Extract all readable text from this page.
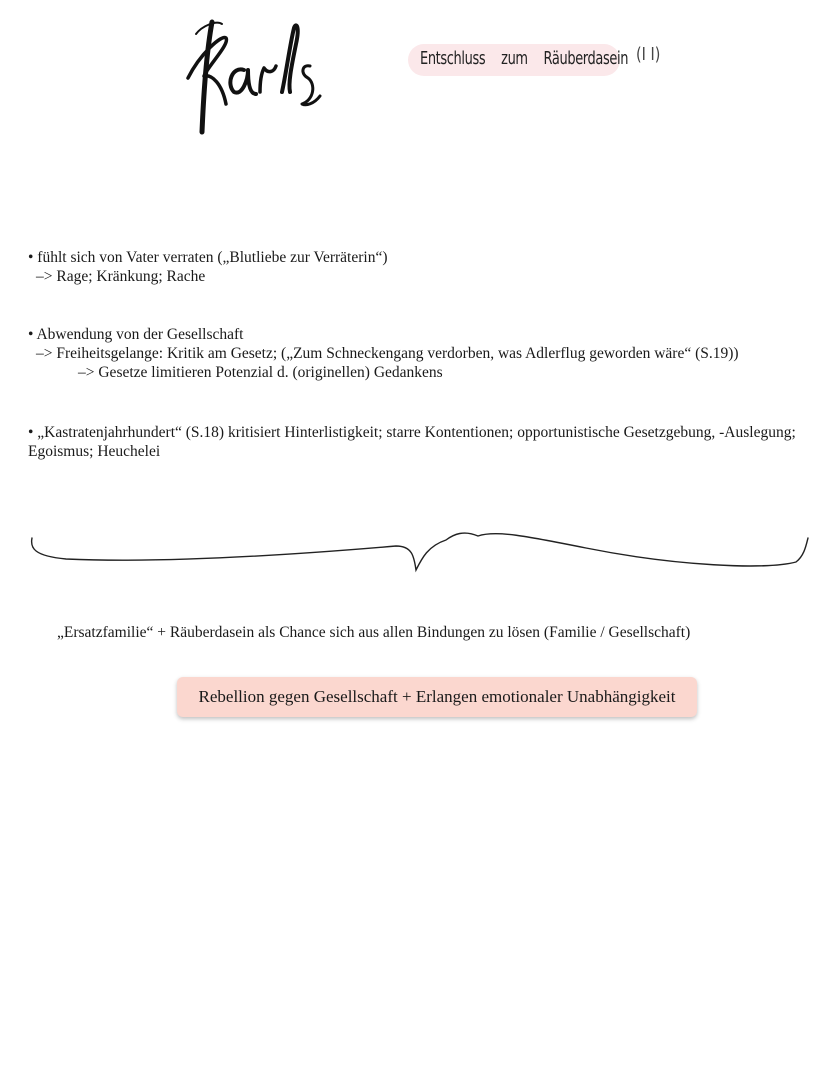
Entschluss zum Räuberdasein (I I)
• fühlt sich von Vater verraten („Blutliebe zur Verräterin“)
–> Rage; Kränkung; Rache
• Abwendung von der Gesellschaft
–> Freiheitsgelange: Kritik am Gesetz; („Zum Schneckengang verdorben, was Adlerflug geworden wäre“ (S.19))
–> Gesetze limitieren Potenzial d. (originellen) Gedankens
• „Kastratenjahrhundert“ (S.18) kritisiert Hinterlistigkeit; starre Kontentionen; opportunistische Gesetzgebung, -Auslegung; Egoismus; Heuchelei
„Ersatzfamilie“ + Räuberdasein als Chance sich aus allen Bindungen zu lösen (Familie / Gesellschaft)
Rebellion gegen Gesellschaft + Erlangen emotionaler Unabhängigkeit
